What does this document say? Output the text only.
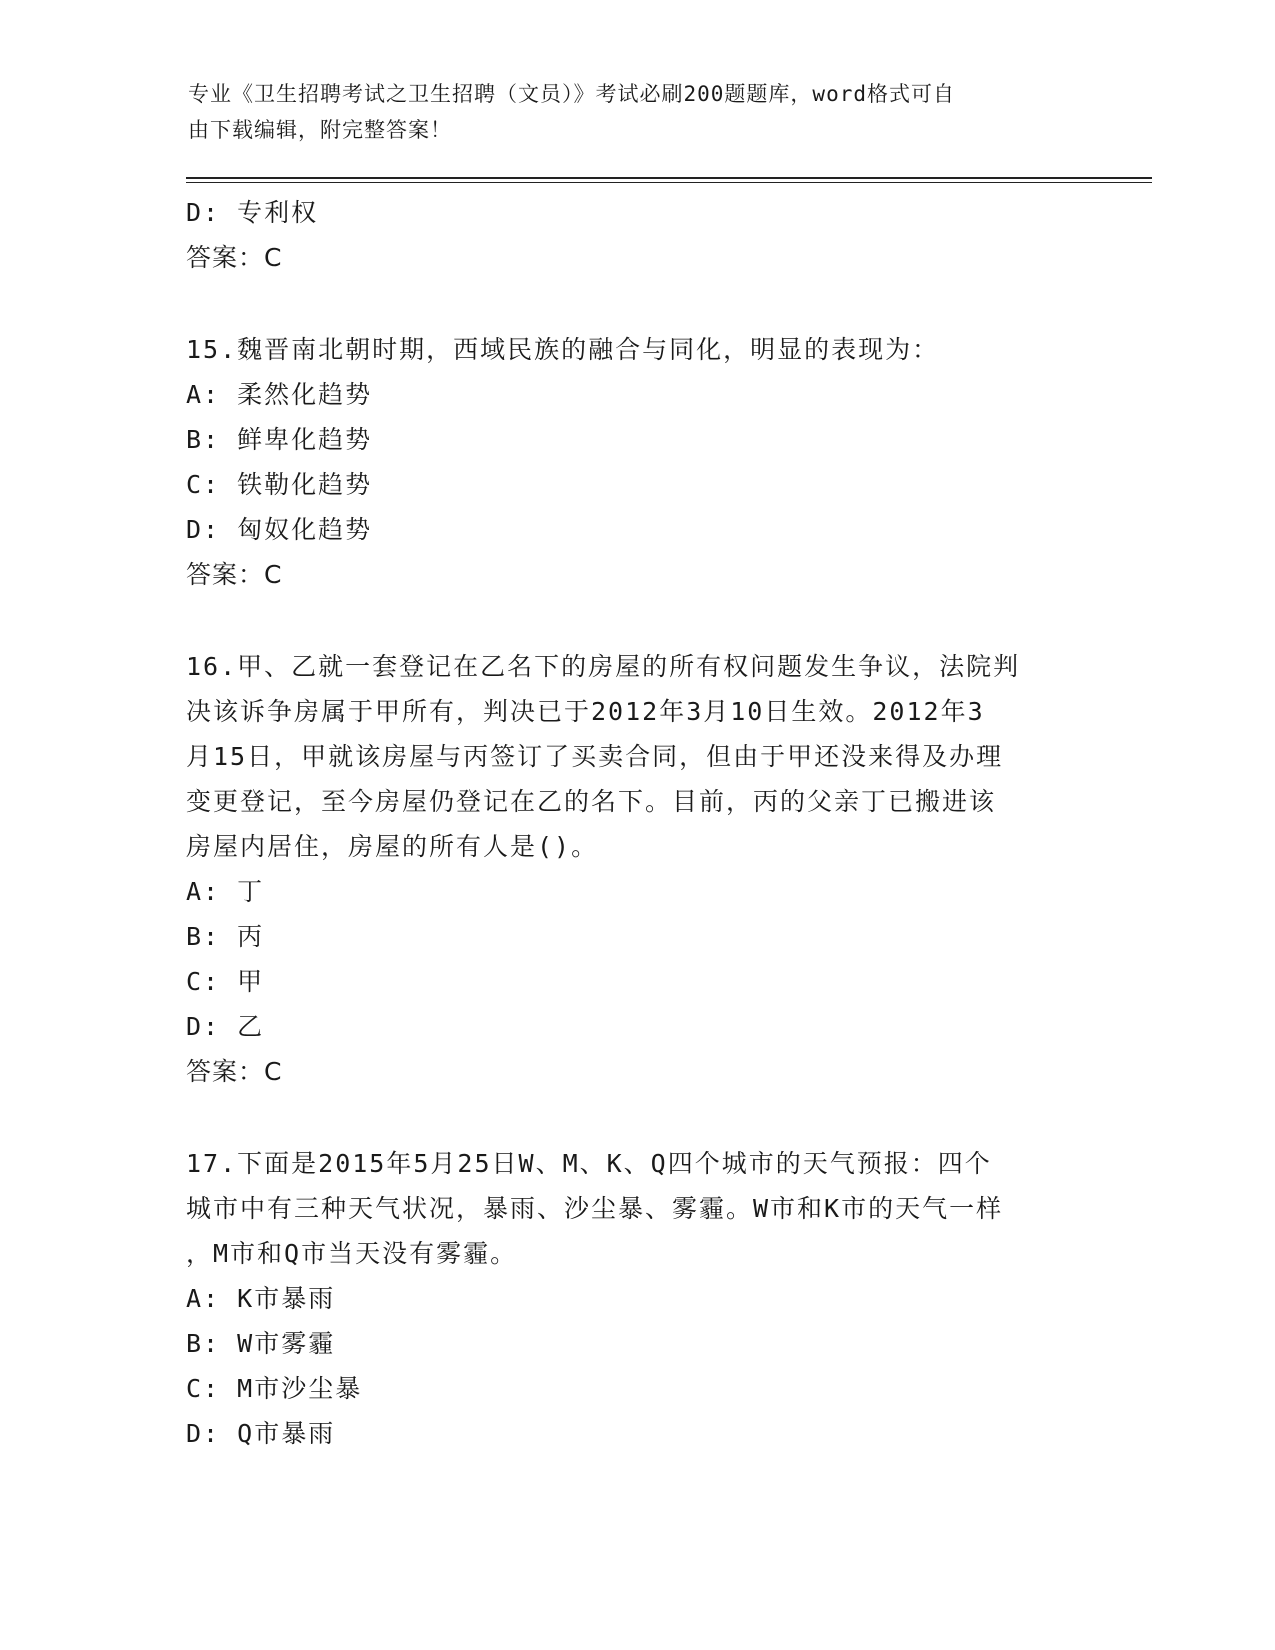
专业《卫生招聘考试之卫生招聘（文员）》考试必刷200题题库，word格式可自
由下载编辑，附完整答案！
D: 专利权
答案：C
15.魏晋南北朝时期，西域民族的融合与同化，明显的表现为：
A: 柔然化趋势
B: 鲜卑化趋势
C: 铁勒化趋势
D: 匈奴化趋势
答案：C
16.甲、乙就一套登记在乙名下的房屋的所有权问题发生争议，法院判
决该诉争房属于甲所有，判决已于2012年3月10日生效。2012年3
月15日，甲就该房屋与丙签订了买卖合同，但由于甲还没来得及办理
变更登记，至今房屋仍登记在乙的名下。目前，丙的父亲丁已搬进该
房屋内居住，房屋的所有人是()。
A: 丁
B: 丙
C: 甲
D: 乙
答案：C
17.下面是2015年5月25日W、M、K、Q四个城市的天气预报：四个
城市中有三种天气状况，暴雨、沙尘暴、雾霾。W市和K市的天气一样
，M市和Q市当天没有雾霾。
A: K市暴雨
B: W市雾霾
C: M市沙尘暴
D: Q市暴雨
